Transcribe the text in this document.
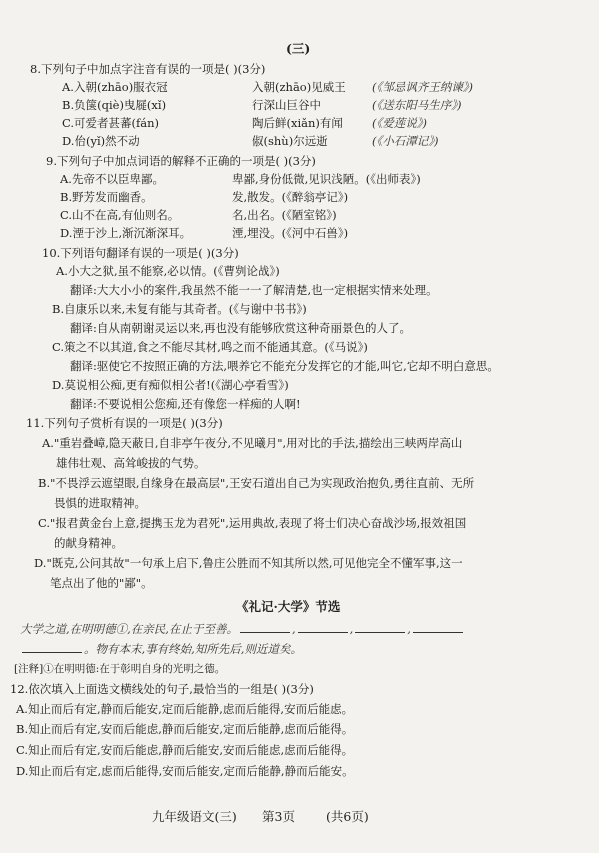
(三)
8.下列句子中加点字注音有误的一项是( )(3分)
A.入朝(zhāo)服衣冠	入朝(zhāo)见威王 (《邹忌讽齐王纳谏》)
B.负箧(qiè)曳屣(xǐ)	行深山巨谷中	(《送东阳马生序》)
C.可爱者甚蕃(fán)	陶后鲜(xiǎn)有闻	(《爱莲说》)
D.佁(yǐ)然不动	俶(shù)尔远逝	(《小石潭记》)
9.下列句子中加点词语的解释不正确的一项是( )(3分)
A.先帝不以臣卑鄙。	卑鄙,身份低微,见识浅陋。(《出师表》)
B.野芳发而幽香。	发,散发。(《醉翁亭记》)
C.山不在高,有仙则名。	名,出名。(《陋室铭》)
D.湮于沙上,渐沉渐深耳。	湮,埋没。(《河中石兽》)
10.下列语句翻译有误的一项是( )(3分)
A.小大之狱,虽不能察,必以情。(《曹刿论战》)
翻译:大大小小的案件,我虽然不能一一了解清楚,也一定根据实情来处理。
B.自康乐以来,未复有能与其奇者。(《与谢中书书》)
翻译:自从南朝谢灵运以来,再也没有能够欣赏这种奇丽景色的人了。
C.策之不以其道,食之不能尽其材,鸣之而不能通其意。(《马说》)
翻译:驱使它不按照正确的方法,喂养它不能充分发挥它的才能,叫它,它却不明白意思。
D.莫说相公痴,更有痴似相公者!(《湖心亭看雪》)
翻译:不要说相公您痴,还有像您一样痴的人啊!
11.下列句子赏析有误的一项是( )(3分)
A."重岩叠嶂,隐天蔽日,自非亭午夜分,不见曦月",用对比的手法,描绘出三峡两岸高山
雄伟壮观、高耸峻拔的气势。
B."不畏浮云遮望眼,自缘身在最高层",王安石道出自己为实现政治抱负,勇往直前、无所
畏惧的进取精神。
C."报君黄金台上意,提携玉龙为君死",运用典故,表现了将士们决心奋战沙场,报效祖国
的献身精神。
D."既克,公问其故"一句承上启下,鲁庄公胜而不知其所以然,可见他完全不懂军事,这一
笔点出了他的"鄙"。
《礼记·大学》节选
大学之道,在明明德①,在亲民,在止于至善。	,	,	,
。物有本末,事有终始,知所先后,则近道矣。
[注释]①在明明德:在于彰明自身的光明之德。
12.依次填入上面选文横线处的句子,最恰当的一组是( )(3分)
A.知止而后有定,静而后能安,定而后能静,虑而后能得,安而后能虑。
B.知止而后有定,安而后能虑,静而后能安,定而后能静,虑而后能得。
C.知止而后有定,安而后能虑,静而后能安,安而后能虑,虑而后能得。
D.知止而后有定,虑而后能得,安而后能安,定而后能静,静而后能安。
九年级语文(三) 第3页 (共6页)
